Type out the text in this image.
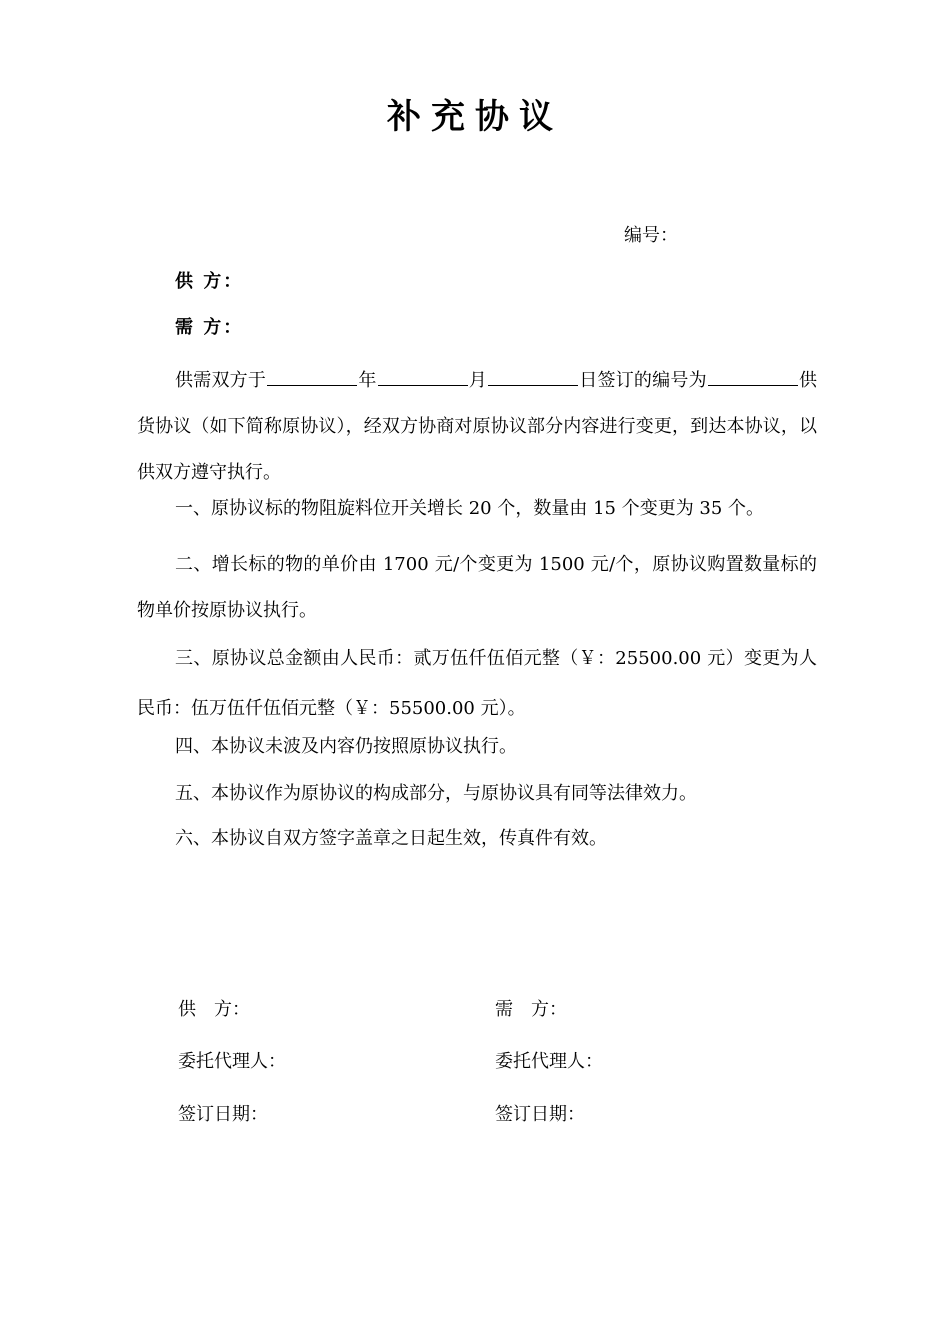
补充协议
编号：
供 方：
需 方：

供需双方于	年	月	日签订的编号为	供货协议（如下简称原协议），经双方协商对原协议部分内容进行变更，到达本协议，以供双方遵守执行。

一、原协议标的物阻旋料位开关增长 20 个，数量由 15 个变更为 35 个。

二、增长标的物的单价由 1700 元/个变更为 1500 元/个，原协议购置数量标的物单价按原协议执行。

三、原协议总金额由人民币：贰万伍仟伍佰元整（￥：25500.00 元）变更为人民币：伍万伍仟伍佰元整（￥：55500.00 元）。

四、本协议未波及内容仍按照原协议执行。

五、本协议作为原协议的构成部分，与原协议具有同等法律效力。

六、本协议自双方签字盖章之日起生效，传真件有效。

供　方：	需　方：
委托代理人：	委托代理人：
签订日期：	签订日期：
